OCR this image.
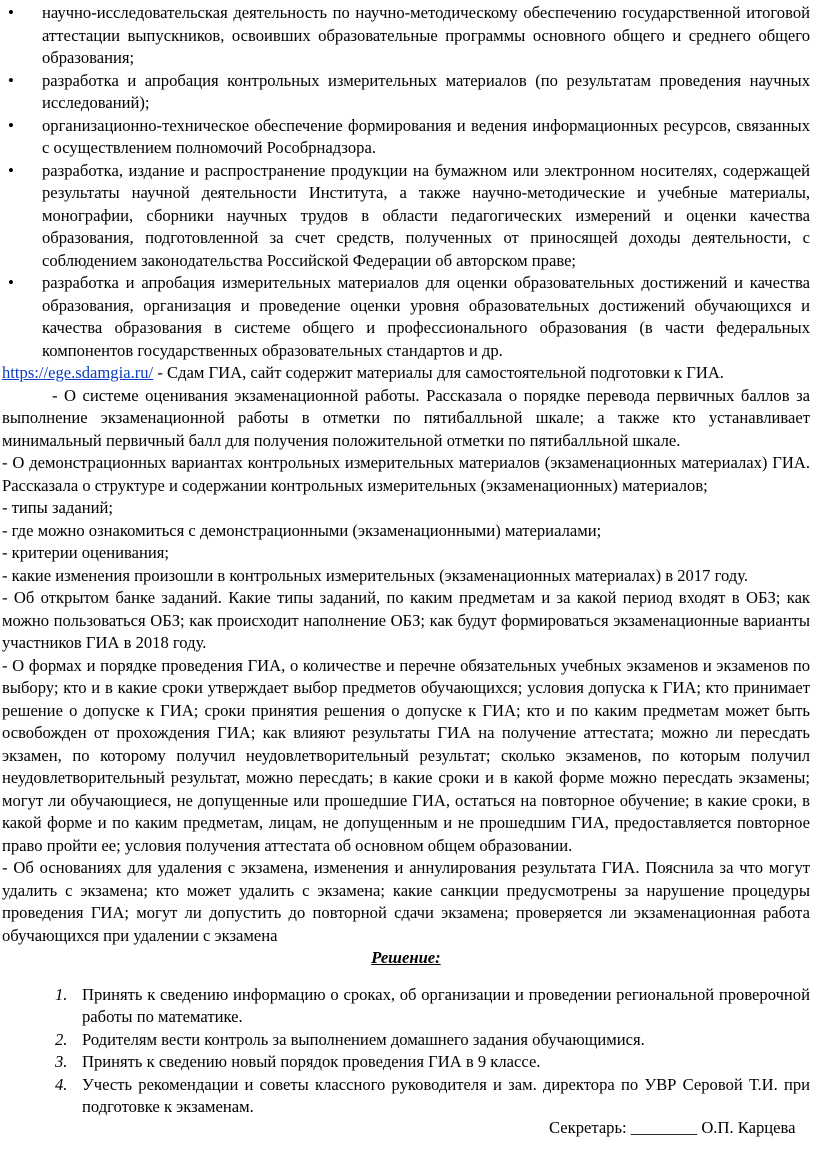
• научно-исследовательская деятельность по научно-методическому обеспечению государственной итоговой аттестации выпускников, освоивших образовательные программы основного общего и среднего общего образования;
• разработка и апробация контрольных измерительных материалов (по результатам проведения научных исследований);
• организационно-техническое обеспечение формирования и ведения информационных ресурсов, связанных с осуществлением полномочий Рособрнадзора.
• разработка, издание и распространение продукции на бумажном или электронном носителях, содержащей результаты научной деятельности Института, а также научно-методические и учебные материалы, монографии, сборники научных трудов в области педагогических измерений и оценки качества образования, подготовленной за счет средств, полученных от приносящей доходы деятельности, с соблюдением законодательства Российской Федерации об авторском праве;
• разработка и апробация измерительных материалов для оценки образовательных достижений и качества образования, организация и проведение оценки уровня образовательных достижений обучающихся и качества образования в системе общего и профессионального образования (в части федеральных компонентов государственных образовательных стандартов и др.

https://ege.sdamgia.ru/ - Сдам ГИА, сайт содержит материалы для самостоятельной подготовки к ГИА.

- О системе оценивания экзаменационной работы. Рассказала о порядке перевода первичных баллов за выполнение экзаменационной работы в отметки по пятибалльной шкале; а также кто устанавливает минимальный первичный балл для получения положительной отметки по пятибалльной шкале.

- О демонстрационных вариантах контрольных измерительных материалов (экзаменационных материалах) ГИА. Рассказала о структуре и содержании контрольных измерительных (экзаменационных) материалов;

- типы заданий;

- где можно ознакомиться с демонстрационными (экзаменационными) материалами;

- критерии оценивания;

- какие изменения произошли в контрольных измерительных (экзаменационных материалах) в 2017 году.

- Об открытом банке заданий. Какие типы заданий, по каким предметам и за какой период входят в ОБЗ; как можно пользоваться ОБЗ; как происходит наполнение ОБЗ; как будут формироваться экзаменационные варианты участников ГИА в 2018 году.

- О формах и порядке проведения ГИА, о количестве и перечне обязательных учебных экзаменов и экзаменов по выбору; кто и в какие сроки утверждает выбор предметов обучающихся; условия допуска к ГИА; кто принимает решение о допуске к ГИА; сроки принятия решения о допуске к ГИА; кто и по каким предметам может быть освобожден от прохождения ГИА; как влияют результаты ГИА на получение аттестата; можно ли пересдать экзамен, по которому получил неудовлетворительный результат; сколько экзаменов, по которым получил неудовлетворительный результат, можно пересдать; в какие сроки и в какой форме можно пересдать экзамены; могут ли обучающиеся, не допущенные или прошедшие ГИА, остаться на повторное обучение; в какие сроки, в какой форме и по каким предметам, лицам, не допущенным и не прошедшим ГИА, предоставляется повторное право пройти ее; условия получения аттестата об основном общем образовании.

- Об основаниях для удаления с экзамена, изменения и аннулирования результата ГИА. Пояснила за что могут удалить с экзамена; кто может удалить с экзамена; какие санкции предусмотрены за нарушение процедуры проведения ГИА; могут ли допустить до повторной сдачи экзамена; проверяется ли экзаменационная работа обучающихся при удалении с экзамена

Решение:

1. Принять к сведению информацию о сроках, об организации и проведении региональной проверочной работы по математике.
2. Родителям вести контроль за выполнением домашнего задания обучающимися.
3. Принять к сведению новый порядок проведения ГИА в 9 классе.
4. Учесть рекомендации и советы классного руководителя и зам. директора по УВР Серовой Т.И. при подготовке к экзаменам.
Секретарь: ________ О.П. Карцева
